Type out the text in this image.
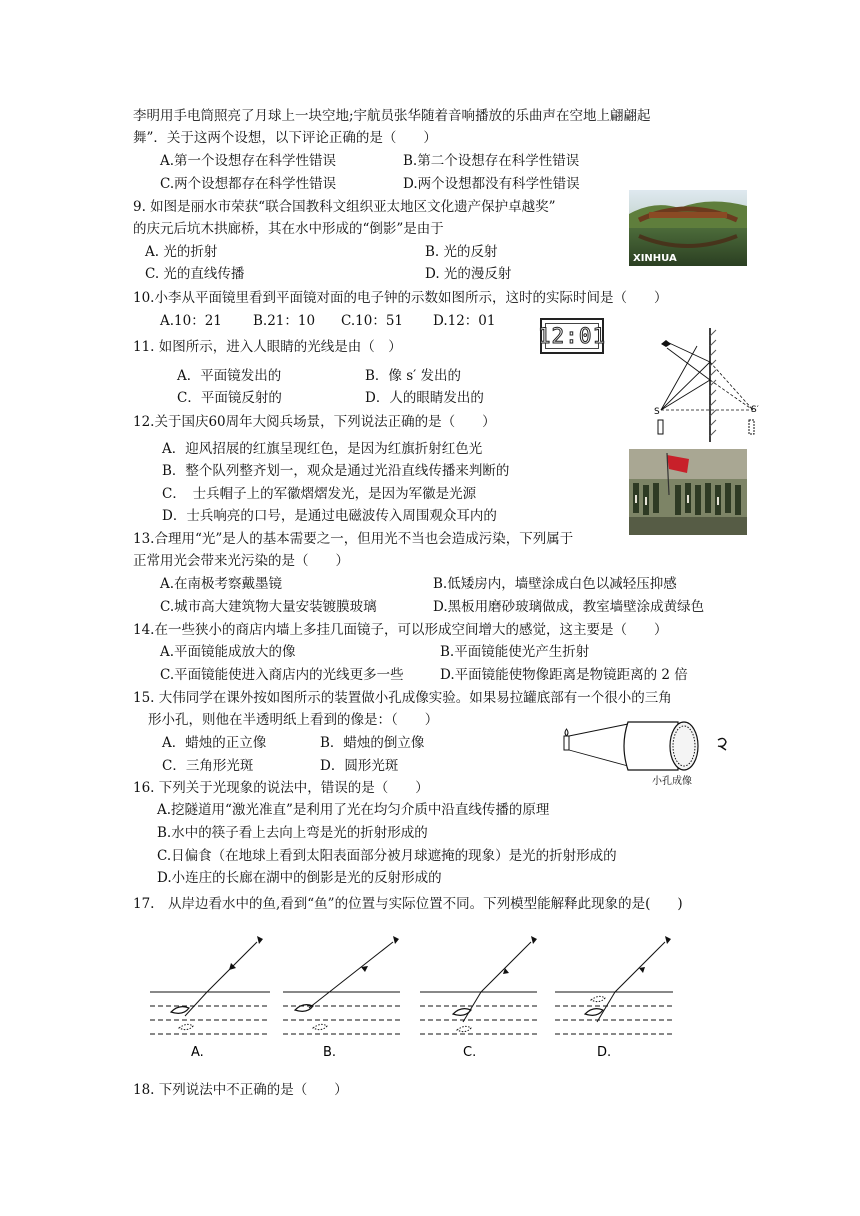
李明用手电筒照亮了月球上一块空地;宇航员张华随着音响播放的乐曲声在空地上翩翩起
舞”．关于这两个设想，以下评论正确的是（　　）
A.第一个设想存在科学性错误	B.第二个设想存在科学性错误
C.两个设想都存在科学性错误	D.两个设想都没有科学性错误
9. 如图是丽水市荣获“联合国教科文组织亚太地区文化遗产保护卓越奖”
的庆元后坑木拱廊桥，其在水中形成的“倒影”是由于
A. 光的折射	B. 光的反射
C. 光的直线传播	D. 光的漫反射
XINHUA
10.小李从平面镜里看到平面镜对面的电子钟的示数如图所示，这时的实际时间是（　　）
A.10：21 B.21：10 C.10：51 D.12：01
12:01
11. 如图所示，进入人眼睛的光线是由（　）
A．平面镜发出的	B．像 s′ 发出的
C．平面镜反射的	D．人的眼睛发出的
S	S′
12.关于国庆60周年大阅兵场景，下列说法正确的是（　　）
A．迎风招展的红旗呈现红色，是因为红旗折射红色光
B．整个队列整齐划一，观众是通过光沿直线传播来判断的
C．　士兵帽子上的军徽熠熠发光，是因为军徽是光源
D．士兵响亮的口号，是通过电磁波传入周围观众耳内的
13.合理用“光”是人的基本需要之一，但用光不当也会造成污染，下列属于
正常用光会带来光污染的是（　　）
A.在南极考察戴墨镜	B.低矮房内，墙壁涂成白色以减轻压抑感
C.城市高大建筑物大量安装镀膜玻璃	D.黑板用磨砂玻璃做成，教室墙壁涂成黄绿色
14.在一些狭小的商店内墙上多挂几面镜子，可以形成空间增大的感觉，这主要是（　　）
A.平面镜能成放大的像	B.平面镜能使光产生折射
C.平面镜能使进入商店内的光线更多一些	D.平面镜能使物像距离是物镜距离的 2 倍
15. 大伟同学在课外按如图所示的装置做小孔成像实验。如果易拉罐底部有一个很小的三角
形小孔，则他在半透明纸上看到的像是：（　　）
A．蜡烛的正立像	B．蜡烛的倒立像
C．三角形光斑	D．圆形光斑
小孔成像
16. 下列关于光现象的说法中，错误的是（　　）
A.挖隧道用“激光准直”是利用了光在均匀介质中沿直线传播的原理
B.水中的筷子看上去向上弯是光的折射形成的
C.日偏食（在地球上看到太阳表面部分被月球遮掩的现象）是光的折射形成的
D.小连庄的长廊在湖中的倒影是光的反射形成的
17.　从岸边看水中的鱼,看到“鱼”的位置与实际位置不同。下列模型能解释此现象的是(　　)
A.	B.	C.	D.
18. 下列说法中不正确的是（　　）
